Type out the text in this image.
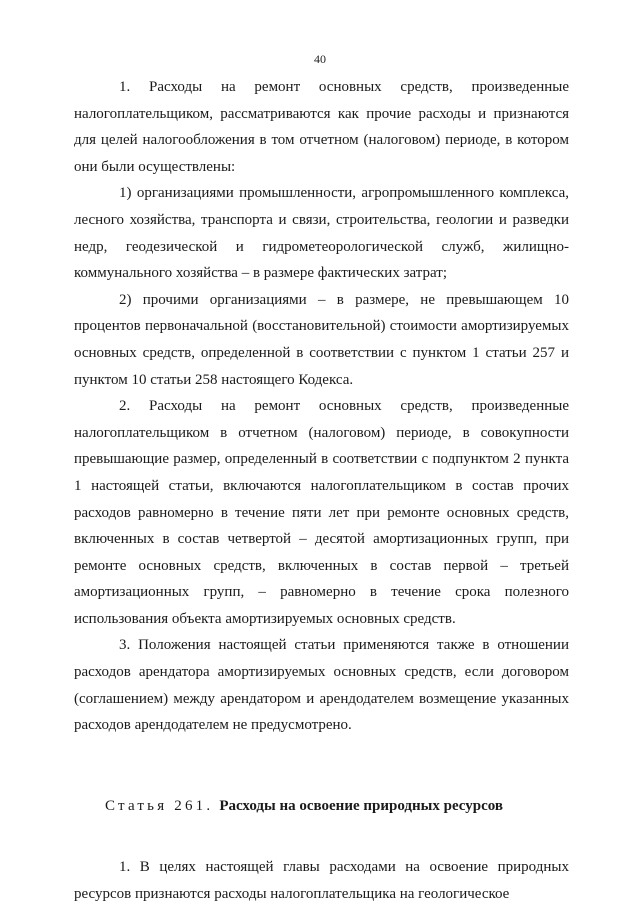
40

1. Расходы на ремонт основных средств, произведенные налогоплательщиком, рассматриваются как прочие расходы и признаются для целей налогообложения в том отчетном (налоговом) периоде, в котором они были осуществлены:

1) организациями промышленности, агропромышленного комплекса, лесного хозяйства, транспорта и связи, строительства, геологии и разведки недр, геодезической и гидрометеорологической служб, жилищно-коммунального хозяйства – в размере фактических затрат;

2) прочими организациями – в размере, не превышающем 10 процентов первоначальной (восстановительной) стоимости амортизируемых основных средств, определенной в соответствии с пунктом 1 статьи 257 и пунктом 10 статьи 258 настоящего Кодекса.

2. Расходы на ремонт основных средств, произведенные налогоплательщиком в отчетном (налоговом) периоде, в совокупности превышающие размер, определенный в соответствии с подпунктом 2 пункта 1 настоящей статьи, включаются налогоплательщиком в состав прочих расходов равномерно в течение пяти лет при ремонте основных средств, включенных в состав четвертой – десятой амортизационных групп, при ремонте основных средств, включенных в состав первой – третьей амортизационных групп, – равномерно в течение срока полезного использования объекта амортизируемых основных средств.

3. Положения настоящей статьи применяются также в отношении расходов арендатора амортизируемых основных средств, если договором (соглашением) между арендатором и арендодателем возмещение указанных расходов арендодателем не предусмотрено.

Статья 261. Расходы на освоение природных ресурсов

1. В целях настоящей главы расходами на освоение природных ресурсов признаются расходы налогоплательщика на геологическое
